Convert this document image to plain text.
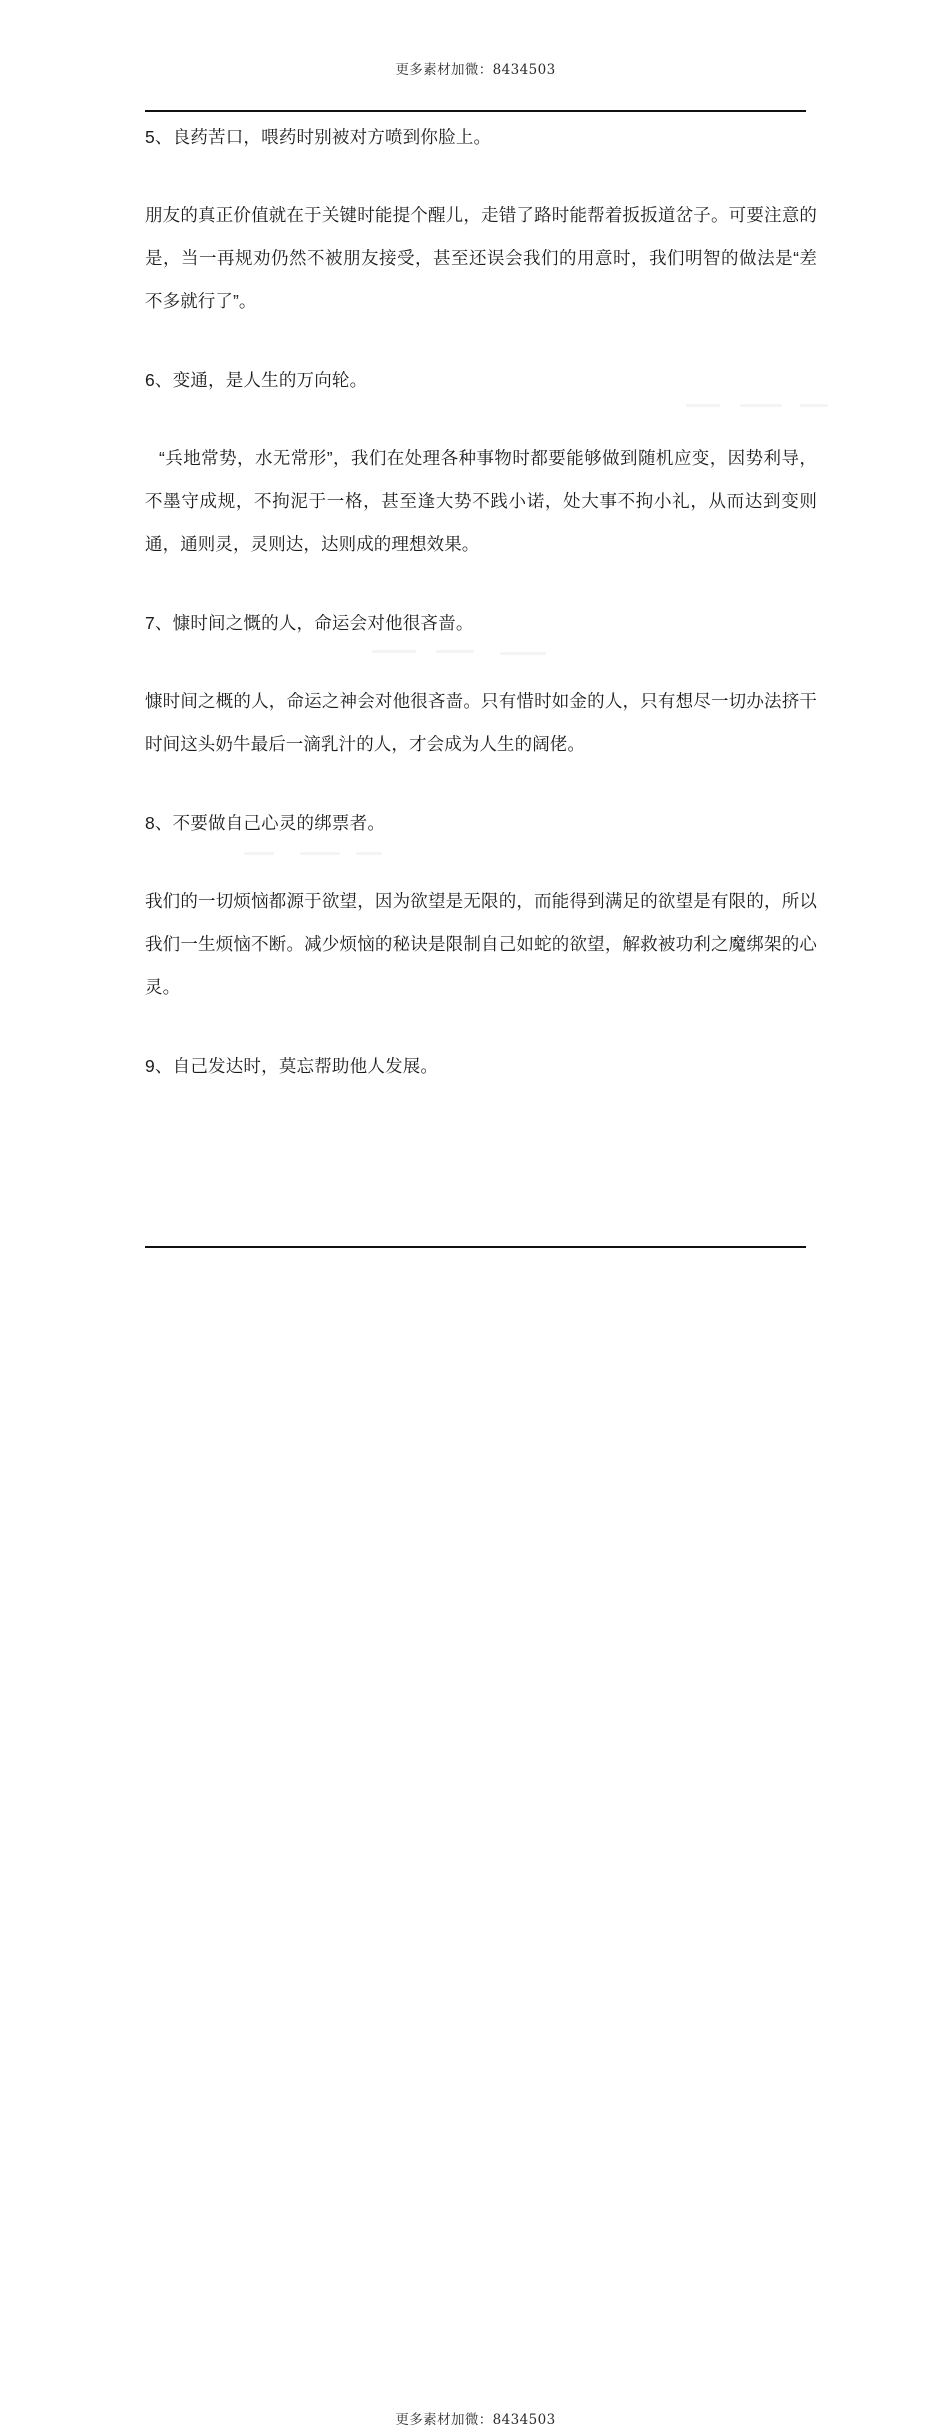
更多素材加微：8434503

5、良药苦口，喂药时别被对方喷到你脸上。

朋友的真正价值就在于关键时能提个醒儿，走错了路时能帮着扳扳道岔子。可要注意的是，当一再规劝仍然不被朋友接受，甚至还误会我们的用意时，我们明智的做法是“差不多就行了”。

6、变通，是人生的万向轮。

“兵地常势，水无常形”，我们在处理各种事物时都要能够做到随机应变，因势利导，不墨守成规，不拘泥于一格，甚至逢大势不践小诺，处大事不拘小礼，从而达到变则通，通则灵，灵则达，达则成的理想效果。

7、慷时间之慨的人，命运会对他很吝啬。

慷时间之概的人，命运之神会对他很吝啬。只有惜时如金的人，只有想尽一切办法挤干时间这头奶牛最后一滴乳汁的人，才会成为人生的阔佬。

8、不要做自己心灵的绑票者。

我们的一切烦恼都源于欲望，因为欲望是无限的，而能得到满足的欲望是有限的，所以我们一生烦恼不断。减少烦恼的秘诀是限制自己如蛇的欲望，解救被功利之魔绑架的心灵。

9、自己发达时，莫忘帮助他人发展。

更多素材加微：8434503
